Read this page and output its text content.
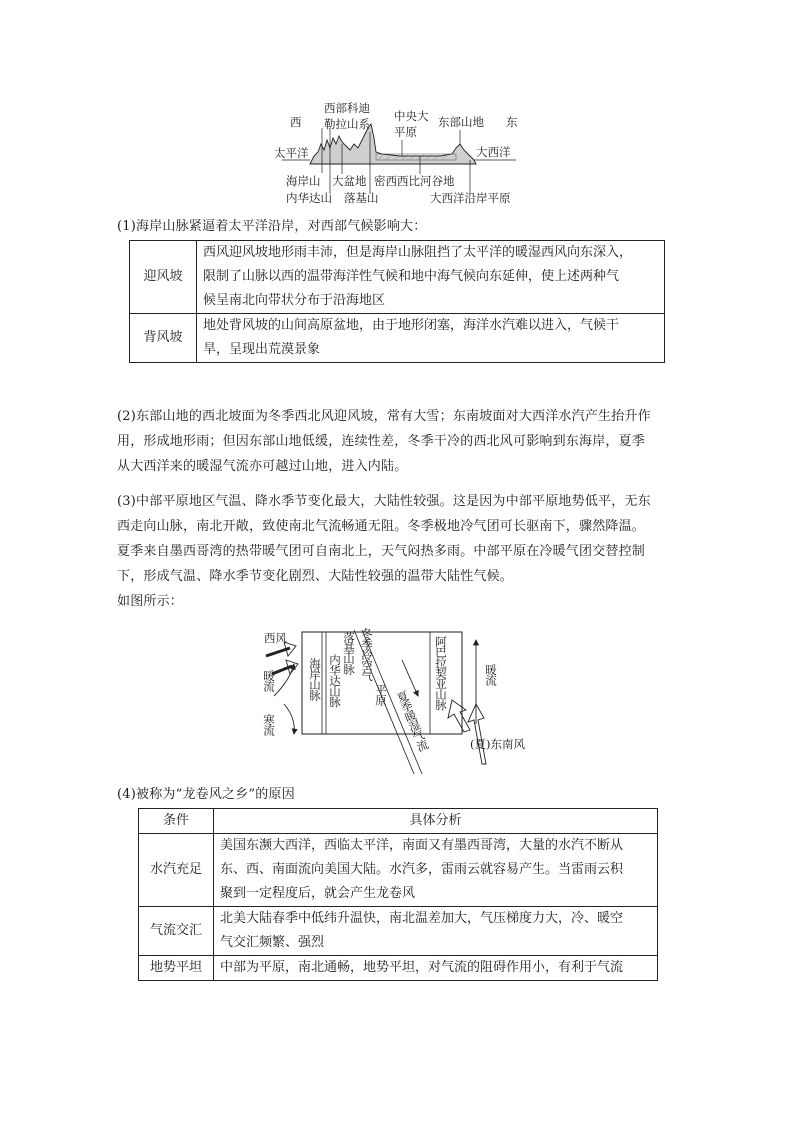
西
西部科迪
勒拉山系
中央大
平原
东部山地 东
太平洋	大西洋
海岸山 大盆地 密西西比河谷地
内华达山 落基山	大西洋沿岸平原
(1)海岸山脉紧逼着太平洋沿岸，对西部气候影响大：
迎风坡	西风迎风坡地形雨丰沛，但是海岸山脉阻挡了太平洋的暖湿西风向东深入，
限制了山脉以西的温带海洋性气候和地中海气候向东延伸，使上述两种气
候呈南北向带状分布于沿海地区

背风坡	地处背风坡的山间高原盆地，由于地形闭塞，海洋水汽难以进入，气候干
旱，呈现出荒漠景象
(2)东部山地的西北坡面为冬季西北风迎风坡，常有大雪；东南坡面对大西洋水汽产生抬升作
用，形成地形雨；但因东部山地低缓，连续性差，冬季干冷的西北风可影响到东海岸，夏季
从大西洋来的暖湿气流亦可越过山地，进入内陆。
(3)中部平原地区气温、降水季节变化最大，大陆性较强。这是因为中部平原地势低平，无东
西走向山脉，南北开敞，致使南北气流畅通无阻。冬季极地冷气团可长驱南下，骤然降温。
夏季来自墨西哥湾的热带暖气团可自南北上，天气闷热多雨。中部平原在冷暖气团交替控制
下，形成气温、降水季节变化剧烈、大陆性较强的温带大陆性气候。
如图所示：
西风
暖流
寒流
海岸山脉 内华达山脉
落基山脉 冬季冷空气
平原 夏季暖湿气流
阿巴拉契亚山脉	暖流
(夏)东南风
(4)被称为“龙卷风之乡”的原因
条件	具体分析
水汽充足	美国东濒大西洋，西临太平洋，南面又有墨西哥湾，大量的水汽不断从
东、西、南面流向美国大陆。水汽多，雷雨云就容易产生。当雷雨云积
聚到一定程度后，就会产生龙卷风

气流交汇	北美大陆春季中低纬升温快，南北温差加大，气压梯度力大，冷、暖空
气交汇频繁、强烈

地势平坦	中部为平原，南北通畅，地势平坦，对气流的阻碍作用小，有利于气流
